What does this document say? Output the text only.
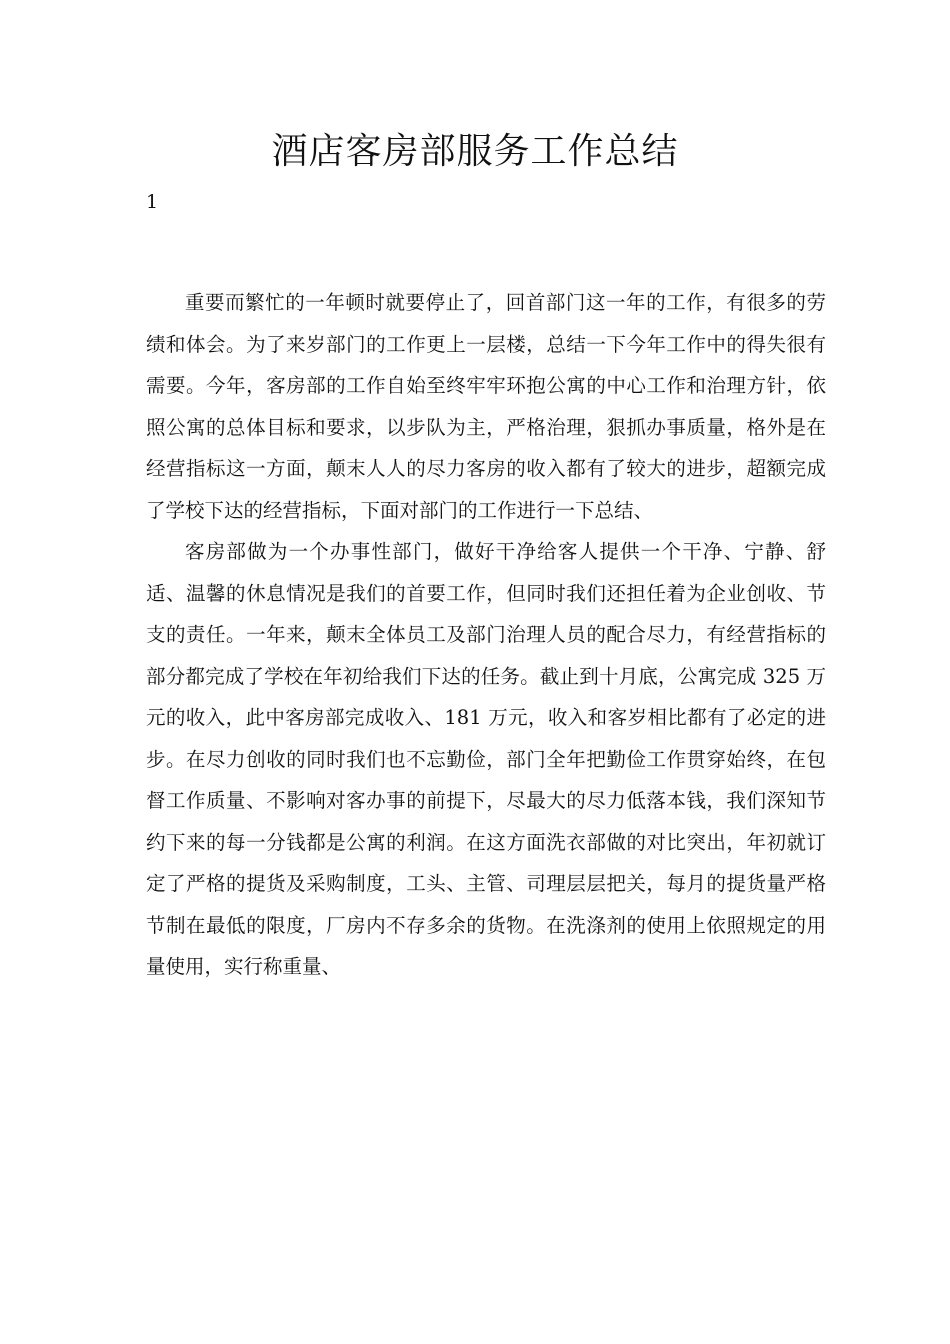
酒店客房部服务工作总结
1

重要而繁忙的一年顿时就要停止了，回首部门这一年的工作，有很多的劳绩和体会。为了来岁部门的工作更上一层楼，总结一下今年工作中的得失很有需要。今年，客房部的工作自始至终牢牢环抱公寓的中心工作和治理方针，依照公寓的总体目标和要求，以步队为主，严格治理，狠抓办事质量，格外是在经营指标这一方面，颠末人人的尽力客房的收入都有了较大的进步，超额完成了学校下达的经营指标，下面对部门的工作进行一下总结、

客房部做为一个办事性部门，做好干净给客人提供一个干净、宁静、舒适、温馨的休息情况是我们的首要工作，但同时我们还担任着为企业创收、节支的责任。一年来，颠末全体员工及部门治理人员的配合尽力，有经营指标的部分都完成了学校在年初给我们下达的任务。截止到十月底，公寓完成 325 万元的收入，此中客房部完成收入、181 万元，收入和客岁相比都有了必定的进步。在尽力创收的同时我们也不忘勤俭，部门全年把勤俭工作贯穿始终，在包督工作质量、不影响对客办事的前提下，尽最大的尽力低落本钱，我们深知节约下来的每一分钱都是公寓的利润。在这方面洗衣部做的对比突出，年初就订定了严格的提货及采购制度，工头、主管、司理层层把关，每月的提货量严格节制在最低的限度，厂房内不存多余的货物。在洗涤剂的使用上依照规定的用量使用，实行称重量、
